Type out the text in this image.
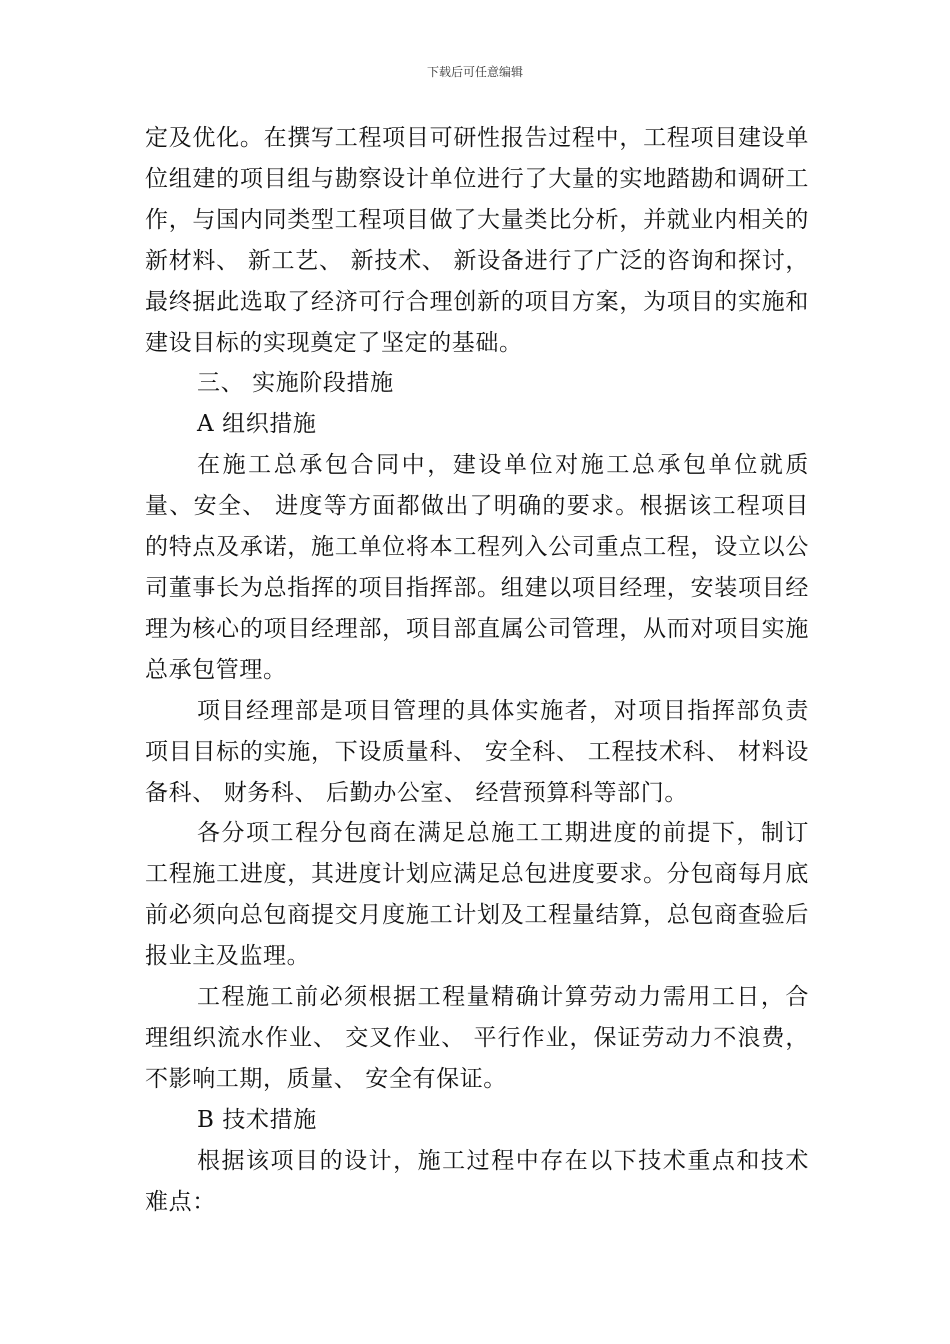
下载后可任意编辑

定及优化。在撰写工程项目可研性报告过程中，工程项目建设单位组建的项目组与勘察设计单位进行了大量的实地踏勘和调研工作，与国内同类型工程项目做了大量类比分析，并就业内相关的新材料、 新工艺、 新技术、 新设备进行了广泛的咨询和探讨，最终据此选取了经济可行合理创新的项目方案，为项目的实施和建设目标的实现奠定了坚定的基础。

三、 实施阶段措施

A 组织措施

在施工总承包合同中，建设单位对施工总承包单位就质量、安全、 进度等方面都做出了明确的要求。根据该工程项目的特点及承诺，施工单位将本工程列入公司重点工程，设立以公司董事长为总指挥的项目指挥部。组建以项目经理，安装项目经理为核心的项目经理部，项目部直属公司管理，从而对项目实施总承包管理。

项目经理部是项目管理的具体实施者，对项目指挥部负责项目目标的实施，下设质量科、 安全科、 工程技术科、 材料设备科、 财务科、 后勤办公室、 经营预算科等部门。

各分项工程分包商在满足总施工工期进度的前提下，制订工程施工进度，其进度计划应满足总包进度要求。分包商每月底前必须向总包商提交月度施工计划及工程量结算，总包商查验后报业主及监理。

工程施工前必须根据工程量精确计算劳动力需用工日，合理组织流水作业、 交叉作业、 平行作业，保证劳动力不浪费，不影响工期，质量、 安全有保证。

B 技术措施

根据该项目的设计，施工过程中存在以下技术重点和技术难点：
